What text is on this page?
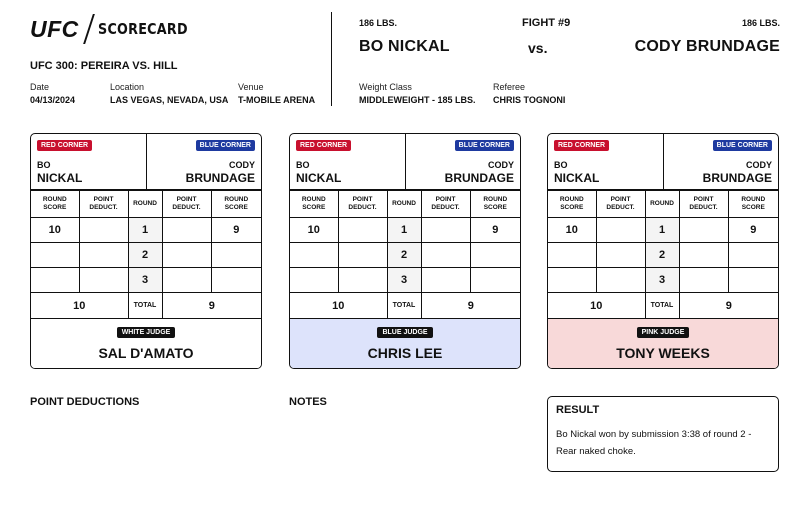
UFC SCORECARD
UFC 300: PEREIRA VS. HILL
Date
04/13/2024
Location
LAS VEGAS, NEVADA, USA
Venue
T-MOBILE ARENA
186 LBS.	FIGHT #9	186 LBS.
BO NICKAL	vs.	CODY BRUNDAGE
Weight Class
MIDDLEWEIGHT - 185 LBS.
Referee
CHRIS TOGNONI
RED CORNER
BO
NICKAL
BLUE CORNER
CODY
BRUNDAGE
ROUND SCORE	POINT DEDUCT.	ROUND	POINT DEDUCT.	ROUND SCORE
10		1		9
		2		
		3		
10		TOTAL	9	
WHITE JUDGE
SAL D'AMATO
RED CORNER
BO
NICKAL
BLUE CORNER
CODY
BRUNDAGE
ROUND SCORE	POINT DEDUCT.	ROUND	POINT DEDUCT.	ROUND SCORE
10		1		9
		2		
		3		
10		TOTAL	9	
BLUE JUDGE
CHRIS LEE
RED CORNER
BO
NICKAL
BLUE CORNER
CODY
BRUNDAGE
ROUND SCORE	POINT DEDUCT.	ROUND	POINT DEDUCT.	ROUND SCORE
10		1		9
		2		
		3		
10		TOTAL	9	
PINK JUDGE
TONY WEEKS
POINT DEDUCTIONS	NOTES
RESULT
Bo Nickal won by submission 3:38 of round 2 - Rear naked choke.
